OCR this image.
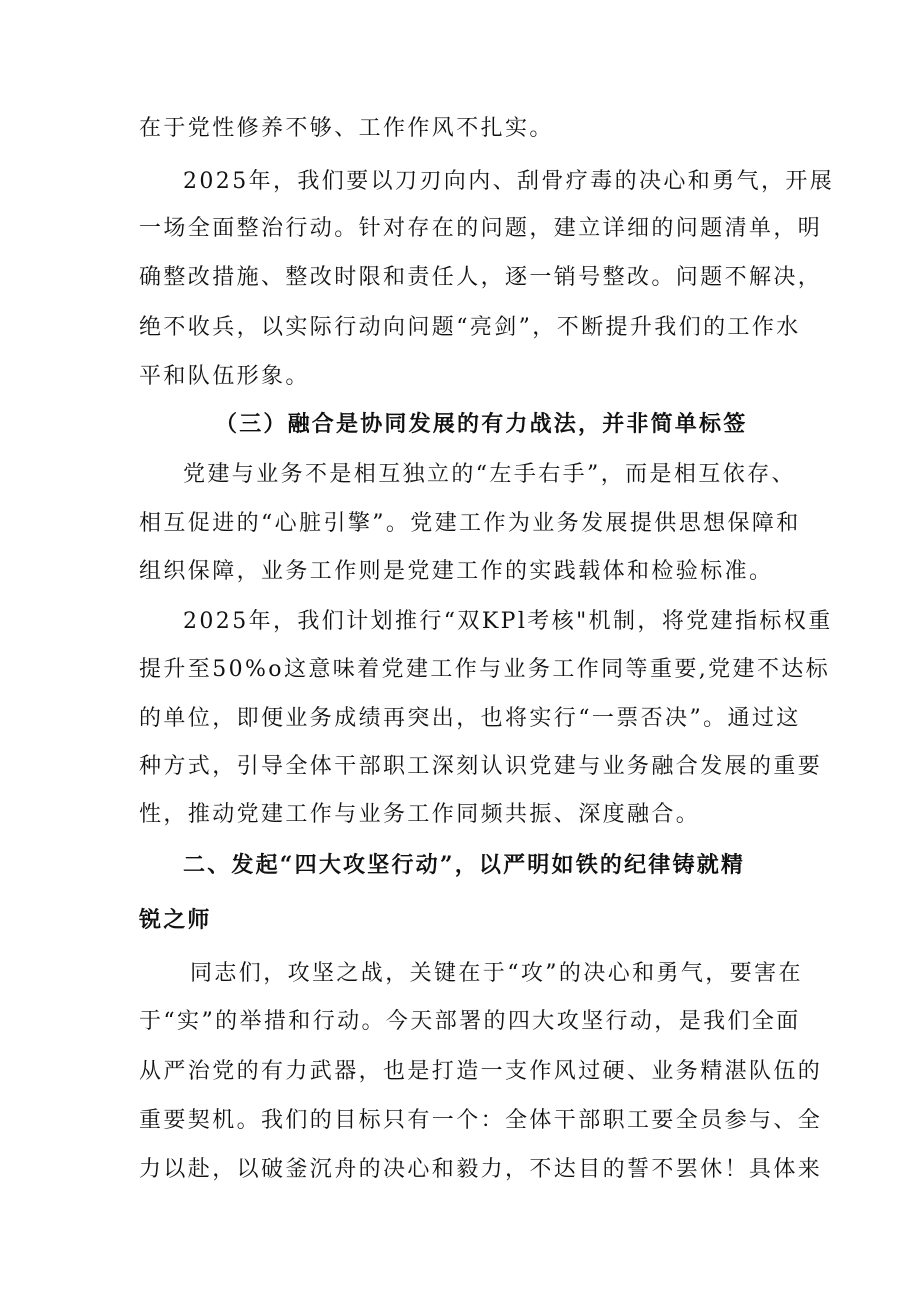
在于党性修养不够、工作作风不扎实。
2025年，我们要以刀刃向内、刮骨疗毒的决心和勇气，开展
一场全面整治行动。针对存在的问题，建立详细的问题清单，明
确整改措施、整改时限和责任人，逐一销号整改。问题不解决，
绝不收兵，以实际行动向问题“亮剑”，不断提升我们的工作水
平和队伍形象。
（三）融合是协同发展的有力战法，并非简单标签
党建与业务不是相互独立的“左手右手”，而是相互依存、
相互促进的“心脏引擎”。党建工作为业务发展提供思想保障和
组织保障，业务工作则是党建工作的实践载体和检验标准。
2025年，我们计划推行“双KPl考核"机制，将党建指标权重
提升至50%o这意味着党建工作与业务工作同等重要,党建不达标
的单位，即便业务成绩再突出，也将实行“一票否决”。通过这
种方式，引导全体干部职工深刻认识党建与业务融合发展的重要
性，推动党建工作与业务工作同频共振、深度融合。
二、发起“四大攻坚行动”，以严明如铁的纪律铸就精
锐之师
同志们，攻坚之战，关键在于“攻”的决心和勇气，要害在
于“实”的举措和行动。今天部署的四大攻坚行动，是我们全面
从严治党的有力武器，也是打造一支作风过硬、业务精湛队伍的
重要契机。我们的目标只有一个：全体干部职工要全员参与、全
力以赴，以破釜沉舟的决心和毅力，不达目的誓不罢休！具体来
